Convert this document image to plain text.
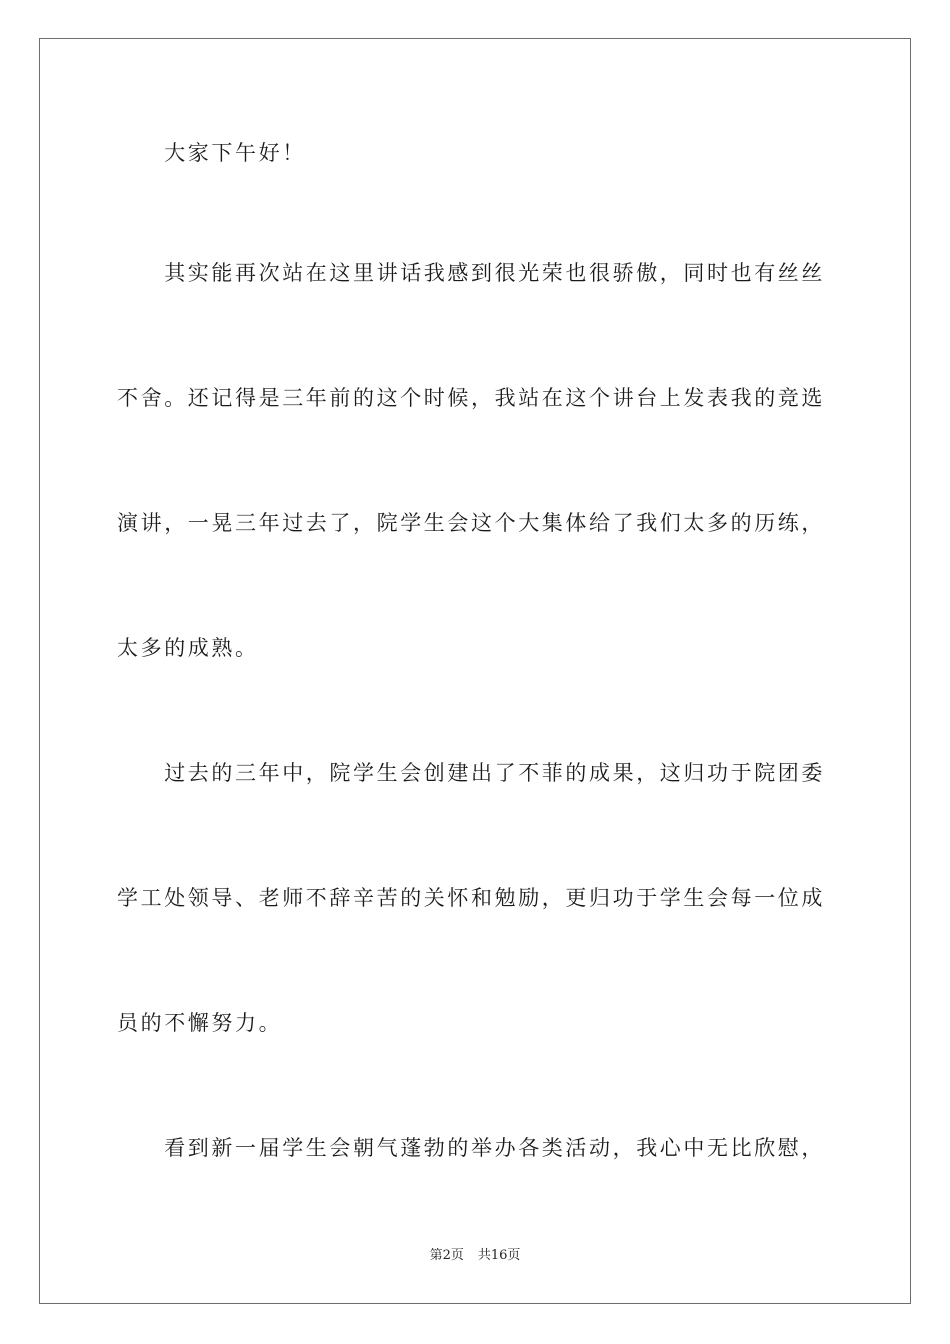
　　大家下午好！
　　其实能再次站在这里讲话我感到很光荣也很骄傲，同时也有丝丝
不舍。还记得是三年前的这个时候，我站在这个讲台上发表我的竞选
演讲，一晃三年过去了，院学生会这个大集体给了我们太多的历练，
太多的成熟。
　　过去的三年中，院学生会创建出了不菲的成果，这归功于院团委
学工处领导、老师不辞辛苦的关怀和勉励，更归功于学生会每一位成
员的不懈努力。
　　看到新一届学生会朝气蓬勃的举办各类活动，我心中无比欣慰，
第2页 共16页
